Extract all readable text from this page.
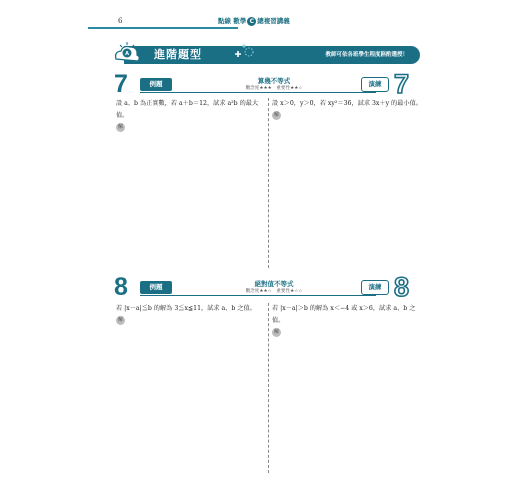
6	點線 數學 C 總複習講義
A 進階題型	教師可依各班學生程度斟酌選授！
7	例題	算幾不等式
觀念度★★★　重要性★★☆
演練 7
設 a、b 為正實數，若 a＋b＝12，試求 a²b 的最大值。
解
設 x＞0，y＞0，若 xy²＝36，試求 3x＋y 的最小值。
解
8	例題	絕對值不等式
觀念度★★☆　重要性★☆☆
演練 8
若 |x－a|≦b 的解為 3≦x≦11，試求 a、b 之值。
解
若 |x－a|＞b 的解為 x＜−4 或 x＞6，試求 a、b 之值。
解
